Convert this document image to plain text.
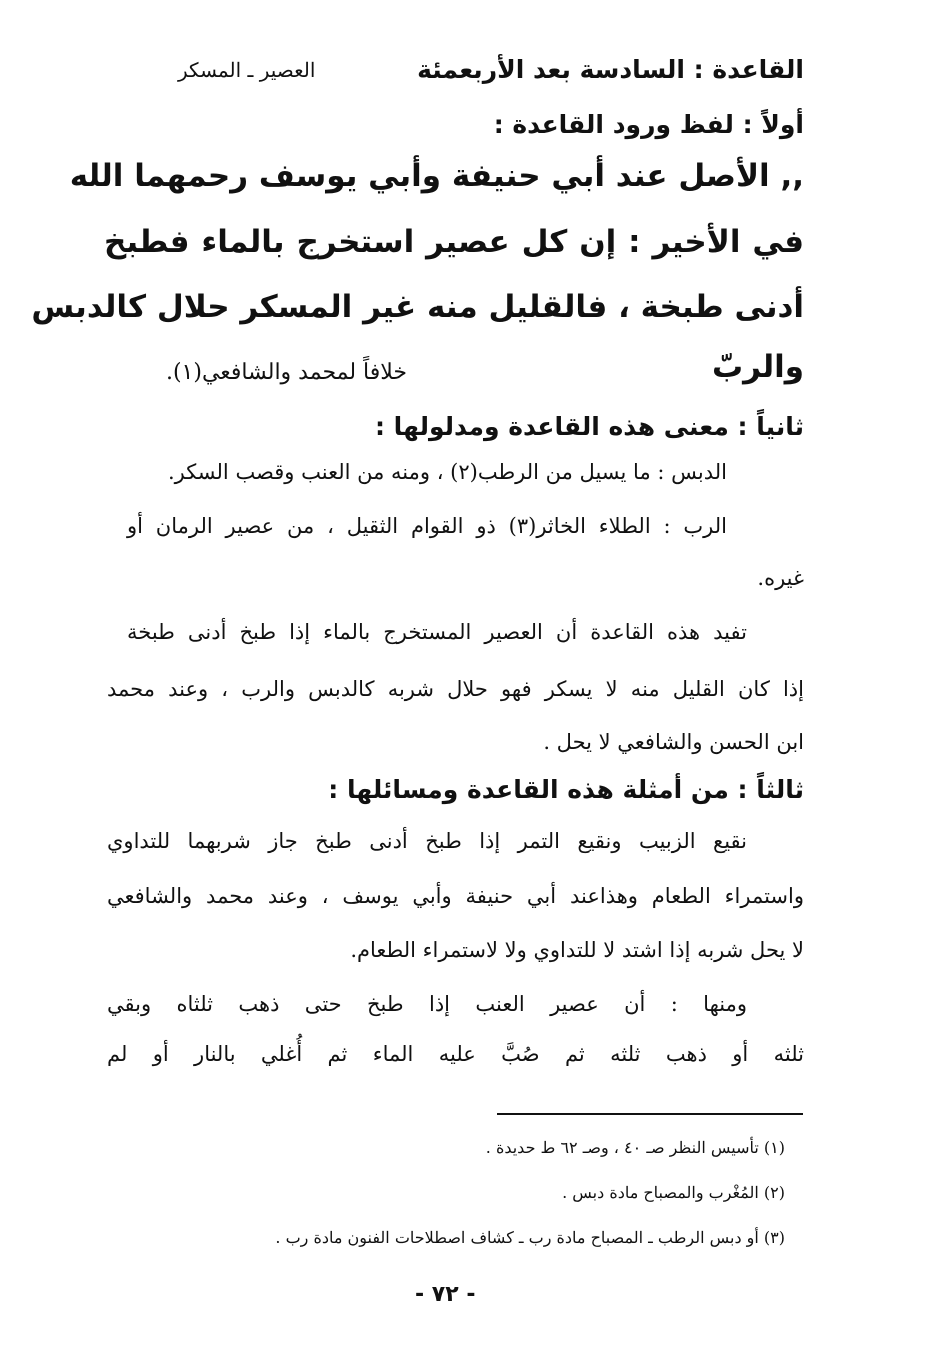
القاعدة : السادسة بعد الأربعمئة
العصير ـ المسكر
أولاً : لفظ ورود القاعدة :
,, الأصل عند أبي حنيفة وأبي يوسف رحمهما الله
في الأخير : إن كل عصير استخرج بالماء فطبخ
أدنى طبخة ، فالقليل منه غير المسكر حلال كالدبس
والربّ
خلافاً لمحمد والشافعي(١).
ثانياً : معنى هذه القاعدة ومدلولها :
الدبس : ما يسيل من الرطب(٢) ، ومنه من العنب وقصب السكر.
الرب : الطلاء الخاثر(٣) ذو القوام الثقيل ، من عصير الرمان أو
غيره.
تفيد هذه القاعدة أن العصير المستخرج بالماء إذا طبخ أدنى طبخة
إذا كان القليل منه لا يسكر فهو حلال شربه كالدبس والرب ، وعند محمد
ابن الحسن والشافعي لا يحل .
ثالثاً : من أمثلة هذه القاعدة ومسائلها :
نقيع الزبيب ونقيع التمر إذا طبخ أدنى طبخ جاز شربهما للتداوي
واستمراء الطعام وهذاعند أبي حنيفة وأبي يوسف ، وعند محمد والشافعي
لا يحل شربه إذا اشتد لا للتداوي ولا لاستمراء الطعام.
ومنها : أن عصير العنب إذا طبخ حتى ذهب ثلثاه وبقي
ثلثه أو ذهب ثلثه ثم صُبَّ عليه الماء ثم أُغلي بالنار أو لم
(١) تأسيس النظر صـ ٤٠ ، وصـ ٦٢ ط حديدة .
(٢) المُغْرب والمصباح مادة دبس .
(٣) أو دبس الرطب ـ المصباح مادة رب ـ كشاف اصطلاحات الفنون مادة رب .
- ٧٢ -
